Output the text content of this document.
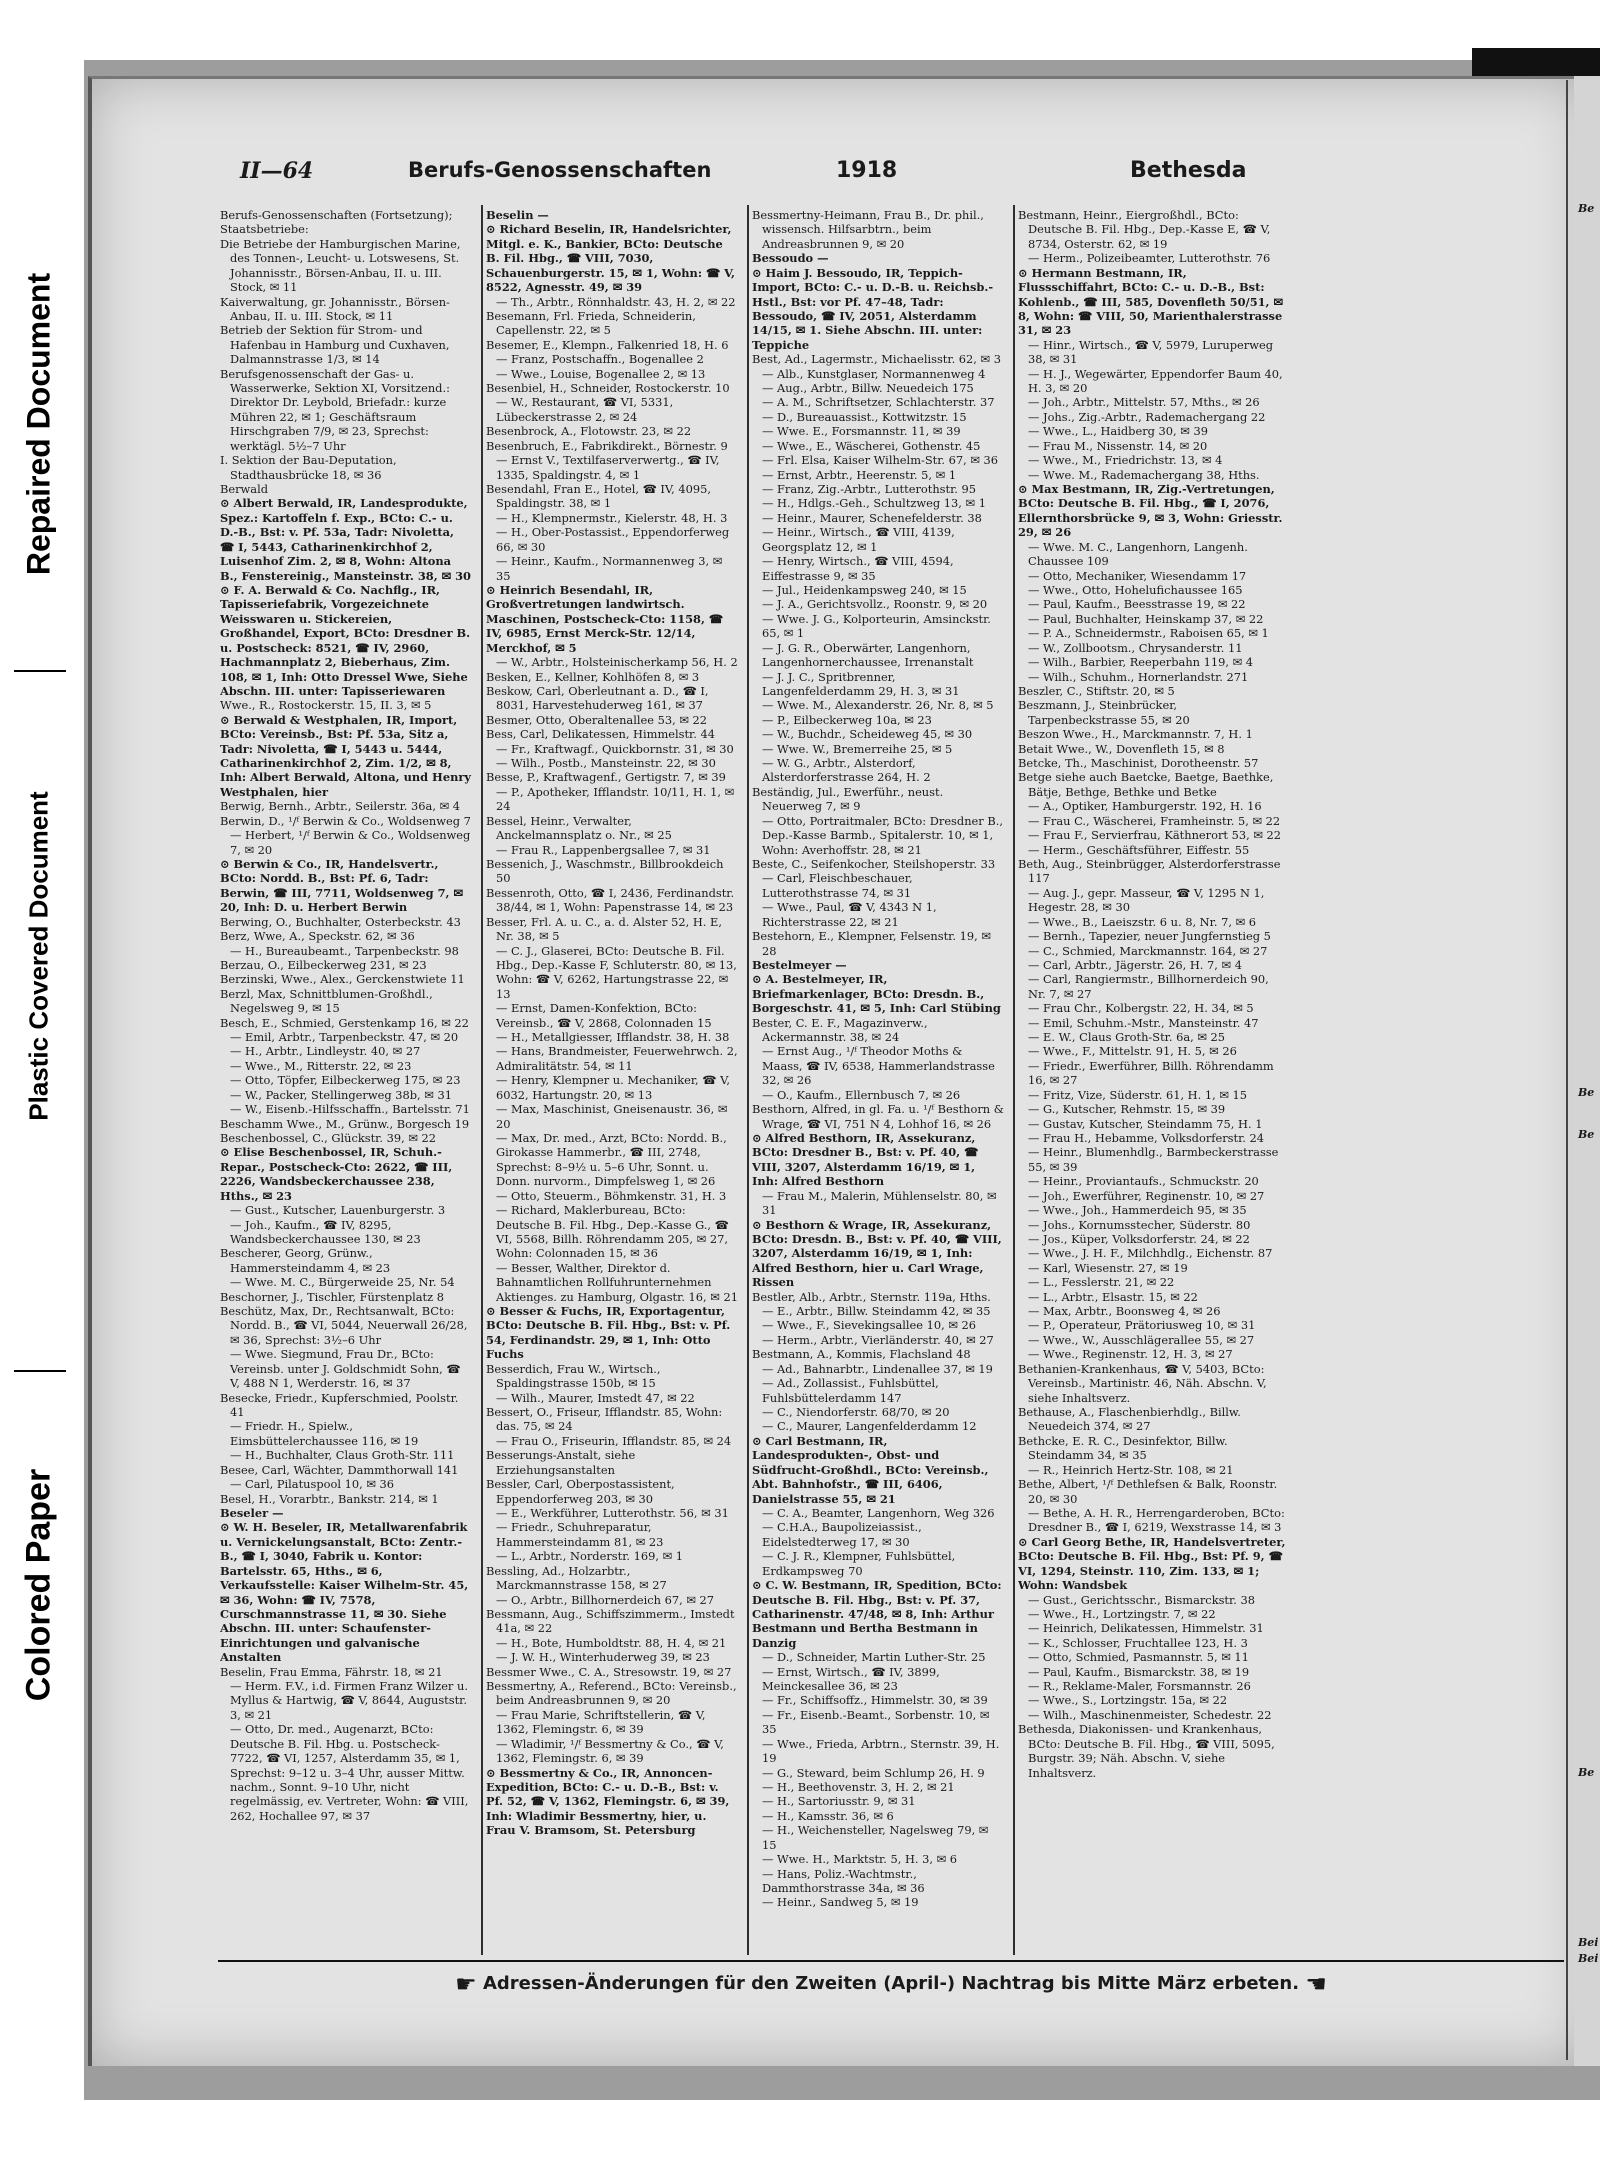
Colored Paper
Plastic Covered Document
Repaired Document
Be
Be
Be
Be
Bei
Bei
II—64	Berufs-Genossenschaften	1918	Bethesda

Berufs-Genossenschaften (Fortsetzung);

Staatsbetriebe:

Die Betriebe der Hamburgischen Marine, des Tonnen-, Leucht- u. Lotswesens, St. Johannisstr., Börsen-Anbau, II. u. III. Stock, ✉ 11

Kaiverwaltung, gr. Johannisstr., Börsen-Anbau, II. u. III. Stock, ✉ 11

Betrieb der Sektion für Strom- und Hafenbau in Hamburg und Cuxhaven, Dalmannstrasse 1/3, ✉ 14

Berufsgenossenschaft der Gas- u. Wasserwerke, Sektion XI, Vorsitzend.: Direktor Dr. Leybold, Briefadr.: kurze Mühren 22, ✉ 1; Geschäftsraum Hirschgraben 7/9, ✉ 23, Sprechst: werktägl. 5½–7 Uhr

I. Sektion der Bau-Deputation, Stadthausbrücke 18, ✉ 36

Berwald

⊙ Albert Berwald, IR, Landesprodukte, Spez.: Kartoffeln f. Exp., BCto: C.- u. D.-B., Bst: v. Pf. 53a, Tadr: Nivoletta, ☎ I, 5443, Catharinenkirchhof 2, Luisenhof Zim. 2, ✉ 8, Wohn: Altona B., Fenstereinig., Mansteinstr. 38, ✉ 30

⊙ F. A. Berwald & Co. Nachflg., IR, Tapisseriefabrik, Vorgezeichnete Weisswaren u. Stickereien, Großhandel, Export, BCto: Dresdner B. u. Postscheck: 8521, ☎ IV, 2960, Hachmannplatz 2, Bieberhaus, Zim. 108, ✉ 1, Inh: Otto Dressel Wwe, Siehe Abschn. III. unter: Tapisseriewaren

Wwe., R., Rostockerstr. 15, II. 3, ✉ 5

⊙ Berwald & Westphalen, IR, Import, BCto: Vereinsb., Bst: Pf. 53a, Sitz a, Tadr: Nivoletta, ☎ I, 5443 u. 5444, Catharinenkirchhof 2, Zim. 1/2, ✉ 8, Inh: Albert Berwald, Altona, und Henry Westphalen, hier

Berwig, Bernh., Arbtr., Seilerstr. 36a, ✉ 4

Berwin, D., ¹/ᶠ Berwin & Co., Woldsenweg 7

— Herbert, ¹/ᶠ Berwin & Co., Woldsenweg 7, ✉ 20

⊙ Berwin & Co., IR, Handelsvertr., BCto: Nordd. B., Bst: Pf. 6, Tadr: Berwin, ☎ III, 7711, Woldsenweg 7, ✉ 20, Inh: D. u. Herbert Berwin

Berwing, O., Buchhalter, Osterbeckstr. 43

Berz, Wwe, A., Speckstr. 62, ✉ 36

— H., Bureaubeamt., Tarpenbeckstr. 98

Berzau, O., Eilbeckerweg 231, ✉ 23

Berzinski, Wwe., Alex., Gerckenstwiete 11

Berzl, Max, Schnittblumen-Großhdl., Negelsweg 9, ✉ 15

Besch, E., Schmied, Gerstenkamp 16, ✉ 22

— Emil, Arbtr., Tarpenbeckstr. 47, ✉ 20

— H., Arbtr., Lindleystr. 40, ✉ 27

— Wwe., M., Ritterstr. 22, ✉ 23

— Otto, Töpfer, Eilbeckerweg 175, ✉ 23

— W., Packer, Stellingerweg 38b, ✉ 31

— W., Eisenb.-Hilfsschaffn., Bartelsstr. 71

Beschamm Wwe., M., Grünw., Borgesch 19

Beschenbossel, C., Glückstr. 39, ✉ 22

⊙ Elise Beschenbossel, IR, Schuh.-Repar., Postscheck-Cto: 2622, ☎ III, 2226, Wandsbeckerchaussee 238, Hths., ✉ 23

— Gust., Kutscher, Lauenburgerstr. 3

— Joh., Kaufm., ☎ IV, 8295, Wandsbeckerchaussee 130, ✉ 23

Bescherer, Georg, Grünw., Hammersteindamm 4, ✉ 23

— Wwe. M. C., Bürgerweide 25, Nr. 54

Beschorner, J., Tischler, Fürstenplatz 8

Beschütz, Max, Dr., Rechtsanwalt, BCto: Nordd. B., ☎ VI, 5044, Neuerwall 26/28, ✉ 36, Sprechst: 3½–6 Uhr

— Wwe. Siegmund, Frau Dr., BCto: Vereinsb. unter J. Goldschmidt Sohn, ☎ V, 488 N 1, Werderstr. 16, ✉ 37

Besecke, Friedr., Kupferschmied, Poolstr. 41

— Friedr. H., Spielw., Eimsbüttelerchaussee 116, ✉ 19

— H., Buchhalter, Claus Groth-Str. 111

Besee, Carl, Wächter, Dammthorwall 141

— Carl, Pilatuspool 10, ✉ 36

Besel, H., Vorarbtr., Bankstr. 214, ✉ 1

Beseler —

⊙ W. H. Beseler, IR, Metallwarenfabrik u. Vernickelungsanstalt, BCto: Zentr.-B., ☎ I, 3040, Fabrik u. Kontor: Bartelsstr. 65, Hths., ✉ 6, Verkaufsstelle: Kaiser Wilhelm-Str. 45, ✉ 36, Wohn: ☎ IV, 7578, Curschmannstrasse 11, ✉ 30. Siehe Abschn. III. unter: Schaufenster-Einrichtungen und galvanische Anstalten

Beselin, Frau Emma, Fährstr. 18, ✉ 21

— Herm. F.V., i.d. Firmen Franz Wilzer u. Myllus & Hartwig, ☎ V, 8644, Auguststr. 3, ✉ 21

— Otto, Dr. med., Augenarzt, BCto: Deutsche B. Fil. Hbg. u. Postscheck-7722, ☎ VI, 1257, Alsterdamm 35, ✉ 1, Sprechst: 9–12 u. 3–4 Uhr, ausser Mittw. nachm., Sonnt. 9–10 Uhr, nicht regelmässig, ev. Vertreter, Wohn: ☎ VIII, 262, Hochallee 97, ✉ 37

Beselin —

⊙ Richard Beselin, IR, Handelsrichter, Mitgl. e. K., Bankier, BCto: Deutsche B. Fil. Hbg., ☎ VIII, 7030, Schauenburgerstr. 15, ✉ 1, Wohn: ☎ V, 8522, Agnesstr. 49, ✉ 39

— Th., Arbtr., Rönnhaldstr. 43, H. 2, ✉ 22

Besemann, Frl. Frieda, Schneiderin, Capellenstr. 22, ✉ 5

Besemer, E., Klempn., Falkenried 18, H. 6

— Franz, Postschaffn., Bogenallee 2

— Wwe., Louise, Bogenallee 2, ✉ 13

Besenbiel, H., Schneider, Rostockerstr. 10

— W., Restaurant, ☎ VI, 5331, Lübeckerstrasse 2, ✉ 24

Besenbrock, A., Flotowstr. 23, ✉ 22

Besenbruch, E., Fabrikdirekt., Börnestr. 9

— Ernst V., Textilfaserverwertg., ☎ IV, 1335, Spaldingstr. 4, ✉ 1

Besendahl, Fran E., Hotel, ☎ IV, 4095, Spaldingstr. 38, ✉ 1

— H., Klempnermstr., Kielerstr. 48, H. 3

— H., Ober-Postassist., Eppendorferweg 66, ✉ 30

— Heinr., Kaufm., Normannenweg 3, ✉ 35

⊙ Heinrich Besendahl, IR, Großvertretungen landwirtsch. Maschinen, Postscheck-Cto: 1158, ☎ IV, 6985, Ernst Merck-Str. 12/14, Merckhof, ✉ 5

— W., Arbtr., Holsteinischerkamp 56, H. 2

Besken, E., Kellner, Kohlhöfen 8, ✉ 3

Beskow, Carl, Oberleutnant a. D., ☎ I, 8031, Harvestehuderweg 161, ✉ 37

Besmer, Otto, Oberaltenallee 53, ✉ 22

Bess, Carl, Delikatessen, Himmelstr. 44

— Fr., Kraftwagf., Quickbornstr. 31, ✉ 30

— Wilh., Postb., Mansteinstr. 22, ✉ 30

Besse, P., Kraftwagenf., Gertigstr. 7, ✉ 39

— P., Apotheker, Ifflandstr. 10/11, H. 1, ✉ 24

Bessel, Heinr., Verwalter, Anckelmannsplatz o. Nr., ✉ 25

— Frau R., Lappenbergsallee 7, ✉ 31

Bessenich, J., Waschmstr., Billbrookdeich 50

Bessenroth, Otto, ☎ I, 2436, Ferdinandstr. 38/44, ✉ 1, Wohn: Papenstrasse 14, ✉ 23

Besser, Frl. A. u. C., a. d. Alster 52, H. E, Nr. 38, ✉ 5

— C. J., Glaserei, BCto: Deutsche B. Fil. Hbg., Dep.-Kasse F, Schluterstr. 80, ✉ 13, Wohn: ☎ V, 6262, Hartungstrasse 22, ✉ 13

— Ernst, Damen-Konfektion, BCto: Vereinsb., ☎ V, 2868, Colonnaden 15

— H., Metallgiesser, Ifflandstr. 38, H. 38

— Hans, Brandmeister, Feuerwehrwch. 2, Admiralitätstr. 54, ✉ 11

— Henry, Klempner u. Mechaniker, ☎ V, 6032, Hartungstr. 20, ✉ 13

— Max, Maschinist, Gneisenaustr. 36, ✉ 20

— Max, Dr. med., Arzt, BCto: Nordd. B., Girokasse Hammerbr., ☎ III, 2748, Sprechst: 8–9½ u. 5–6 Uhr, Sonnt. u. Donn. nurvorm., Dimpfelsweg 1, ✉ 26

— Otto, Steuerm., Böhmkenstr. 31, H. 3

— Richard, Maklerbureau, BCto: Deutsche B. Fil. Hbg., Dep.-Kasse G., ☎ VI, 5568, Billh. Röhrendamm 205, ✉ 27, Wohn: Colonnaden 15, ✉ 36

— Besser, Walther, Direktor d. Bahnamtlichen Rollfuhrunternehmen Aktienges. zu Hamburg, Olgastr. 16, ✉ 21

⊙ Besser & Fuchs, IR, Exportagentur, BCto: Deutsche B. Fil. Hbg., Bst: v. Pf. 54, Ferdinandstr. 29, ✉ 1, Inh: Otto Fuchs

Besserdich, Frau W., Wirtsch., Spaldingstrasse 150b, ✉ 15

— Wilh., Maurer, Imstedt 47, ✉ 22

Bessert, O., Friseur, Ifflandstr. 85, Wohn: das. 75, ✉ 24

— Frau O., Friseurin, Ifflandstr. 85, ✉ 24

Besserungs-Anstalt, siehe Erziehungsanstalten

Bessler, Carl, Oberpostassistent, Eppendorferweg 203, ✉ 30

— E., Werkführer, Lutterothstr. 56, ✉ 31

— Friedr., Schuhreparatur, Hammersteindamm 81, ✉ 23

— L., Arbtr., Norderstr. 169, ✉ 1

Bessling, Ad., Holzarbtr., Marckmannstrasse 158, ✉ 27

— O., Arbtr., Billhornerdeich 67, ✉ 27

Bessmann, Aug., Schiffszimmerm., Imstedt 41a, ✉ 22

— H., Bote, Humboldtstr. 88, H. 4, ✉ 21

— J. W. H., Winterhuderweg 39, ✉ 23

Bessmer Wwe., C. A., Stresowstr. 19, ✉ 27

Bessmertny, A., Referend., BCto: Vereinsb., beim Andreasbrunnen 9, ✉ 20

— Frau Marie, Schriftstellerin, ☎ V, 1362, Flemingstr. 6, ✉ 39

— Wladimir, ¹/ᶠ Bessmertny & Co., ☎ V, 1362, Flemingstr. 6, ✉ 39

⊙ Bessmertny & Co., IR, Annoncen-Expedition, BCto: C.- u. D.-B., Bst: v. Pf. 52, ☎ V, 1362, Flemingstr. 6, ✉ 39, Inh: Wladimir Bessmertny, hier, u. Frau V. Bramsom, St. Petersburg

Bessmertny-Heimann, Frau B., Dr. phil., wissensch. Hilfsarbtrn., beim Andreasbrunnen 9, ✉ 20

Bessoudo —

⊙ Haim J. Bessoudo, IR, Teppich-Import, BCto: C.- u. D.-B. u. Reichsb.-Hstl., Bst: vor Pf. 47–48, Tadr: Bessoudo, ☎ IV, 2051, Alsterdamm 14/15, ✉ 1. Siehe Abschn. III. unter: Teppiche

Best, Ad., Lagermstr., Michaelisstr. 62, ✉ 3

— Alb., Kunstglaser, Normannenweg 4

— Aug., Arbtr., Billw. Neuedeich 175

— A. M., Schriftsetzer, Schlachterstr. 37

— D., Bureauassist., Kottwitzstr. 15

— Wwe. E., Forsmannstr. 11, ✉ 39

— Wwe., E., Wäscherei, Gothenstr. 45

— Frl. Elsa, Kaiser Wilhelm-Str. 67, ✉ 36

— Ernst, Arbtr., Heerenstr. 5, ✉ 1

— Franz, Zig.-Arbtr., Lutterothstr. 95

— H., Hdlgs.-Geh., Schultzweg 13, ✉ 1

— Heinr., Maurer, Schenefelderstr. 38

— Heinr., Wirtsch., ☎ VIII, 4139, Georgsplatz 12, ✉ 1

— Henry, Wirtsch., ☎ VIII, 4594, Eiffestrasse 9, ✉ 35

— Jul., Heidenkampsweg 240, ✉ 15

— J. A., Gerichtsvollz., Roonstr. 9, ✉ 20

— Wwe. J. G., Kolporteurin, Amsinckstr. 65, ✉ 1

— J. G. R., Oberwärter, Langenhorn, Langenhornerchaussee, Irrenanstalt

— J. J. C., Spritbrenner, Langenfelderdamm 29, H. 3, ✉ 31

— Wwe. M., Alexanderstr. 26, Nr. 8, ✉ 5

— P., Eilbeckerweg 10a, ✉ 23

— W., Buchdr., Scheideweg 45, ✉ 30

— Wwe. W., Bremerreihe 25, ✉ 5

— W. G., Arbtr., Alsterdorf, Alsterdorferstrasse 264, H. 2

Beständig, Jul., Ewerführ., neust. Neuerweg 7, ✉ 9

— Otto, Portraitmaler, BCto: Dresdner B., Dep.-Kasse Barmb., Spitalerstr. 10, ✉ 1, Wohn: Averhoffstr. 28, ✉ 21

Beste, C., Seifenkocher, Steilshoperstr. 33

— Carl, Fleischbeschauer, Lutterothstrasse 74, ✉ 31

— Wwe., Paul, ☎ V, 4343 N 1, Richterstrasse 22, ✉ 21

Bestehorn, E., Klempner, Felsenstr. 19, ✉ 28

Bestelmeyer —

⊙ A. Bestelmeyer, IR, Briefmarkenlager, BCto: Dresdn. B., Borgeschstr. 41, ✉ 5, Inh: Carl Stübing

Bester, C. E. F., Magazinverw., Ackermannstr. 38, ✉ 24

— Ernst Aug., ¹/ᶠ Theodor Moths & Maass, ☎ IV, 6538, Hammerlandstrasse 32, ✉ 26

— O., Kaufm., Ellernbusch 7, ✉ 26

Besthorn, Alfred, in gl. Fa. u. ¹/ᶠ Besthorn & Wrage, ☎ VI, 751 N 4, Lohhof 16, ✉ 26

⊙ Alfred Besthorn, IR, Assekuranz, BCto: Dresdner B., Bst: v. Pf. 40, ☎ VIII, 3207, Alsterdamm 16/19, ✉ 1, Inh: Alfred Besthorn

— Frau M., Malerin, Mühlenselstr. 80, ✉ 31

⊙ Besthorn & Wrage, IR, Assekuranz, BCto: Dresdn. B., Bst: v. Pf. 40, ☎ VIII, 3207, Alsterdamm 16/19, ✉ 1, Inh: Alfred Besthorn, hier u. Carl Wrage, Rissen

Bestler, Alb., Arbtr., Sternstr. 119a, Hths.

— E., Arbtr., Billw. Steindamm 42, ✉ 35

— Wwe., F., Sievekingsallee 10, ✉ 26

— Herm., Arbtr., Vierländerstr. 40, ✉ 27

Bestmann, A., Kommis, Flachsland 48

— Ad., Bahnarbtr., Lindenallee 37, ✉ 19

— Ad., Zollassist., Fuhlsbüttel, Fuhlsbüttelerdamm 147

— C., Niendorferstr. 68/70, ✉ 20

— C., Maurer, Langenfelderdamm 12

⊙ Carl Bestmann, IR, Landesprodukten-, Obst- und Südfrucht-Großhdl., BCto: Vereinsb., Abt. Bahnhofstr., ☎ III, 6406, Danielstrasse 55, ✉ 21

— C. A., Beamter, Langenhorn, Weg 326

— C.H.A., Baupolizeiassist., Eidelstedterweg 17, ✉ 30

— C. J. R., Klempner, Fuhlsbüttel, Erdkampsweg 70

⊙ C. W. Bestmann, IR, Spedition, BCto: Deutsche B. Fil. Hbg., Bst: v. Pf. 37, Catharinenstr. 47/48, ✉ 8, Inh: Arthur Bestmann und Bertha Bestmann in Danzig

— D., Schneider, Martin Luther-Str. 25

— Ernst, Wirtsch., ☎ IV, 3899, Meinckesallee 36, ✉ 23

— Fr., Schiffsoffz., Himmelstr. 30, ✉ 39

— Fr., Eisenb.-Beamt., Sorbenstr. 10, ✉ 35

— Wwe., Frieda, Arbtrn., Sternstr. 39, H. 19

— G., Steward, beim Schlump 26, H. 9

— H., Beethovenstr. 3, H. 2, ✉ 21

— H., Sartoriusstr. 9, ✉ 31

— H., Kamsstr. 36, ✉ 6

— H., Weichensteller, Nagelsweg 79, ✉ 15

— Wwe. H., Marktstr. 5, H. 3, ✉ 6

— Hans, Poliz.-Wachtmstr., Dammthorstrasse 34a, ✉ 36

— Heinr., Sandweg 5, ✉ 19

Bestmann, Heinr., Eiergroßhdl., BCto: Deutsche B. Fil. Hbg., Dep.-Kasse E, ☎ V, 8734, Osterstr. 62, ✉ 19

— Herm., Polizeibeamter, Lutterothstr. 76

⊙ Hermann Bestmann, IR, Flussschiffahrt, BCto: C.- u. D.-B., Bst: Kohlenb., ☎ III, 585, Dovenfleth 50/51, ✉ 8, Wohn: ☎ VIII, 50, Marienthalerstrasse 31, ✉ 23

— Hinr., Wirtsch., ☎ V, 5979, Luruperweg 38, ✉ 31

— H. J., Wegewärter, Eppendorfer Baum 40, H. 3, ✉ 20

— Joh., Arbtr., Mittelstr. 57, Mths., ✉ 26

— Johs., Zig.-Arbtr., Rademachergang 22

— Wwe., L., Haidberg 30, ✉ 39

— Frau M., Nissenstr. 14, ✉ 20

— Wwe., M., Friedrichstr. 13, ✉ 4

— Wwe. M., Rademachergang 38, Hths.

⊙ Max Bestmann, IR, Zig.-Vertretungen, BCto: Deutsche B. Fil. Hbg., ☎ I, 2076, Ellernthorsbrücke 9, ✉ 3, Wohn: Griesstr. 29, ✉ 26

— Wwe. M. C., Langenhorn, Langenh. Chaussee 109

— Otto, Mechaniker, Wiesendamm 17

— Wwe., Otto, Hohelufichaussee 165

— Paul, Kaufm., Beesstrasse 19, ✉ 22

— Paul, Buchhalter, Heinskamp 37, ✉ 22

— P. A., Schneidermstr., Raboisen 65, ✉ 1

— W., Zollbootsm., Chrysanderstr. 11

— Wilh., Barbier, Reeperbahn 119, ✉ 4

— Wilh., Schuhm., Hornerlandstr. 271

Beszler, C., Stiftstr. 20, ✉ 5

Beszmann, J., Steinbrücker, Tarpenbeckstrasse 55, ✉ 20

Beszon Wwe., H., Marckmannstr. 7, H. 1

Betait Wwe., W., Dovenfleth 15, ✉ 8

Betcke, Th., Maschinist, Dorotheenstr. 57

Betge siehe auch Baetcke, Baetge, Baethke, Bätje, Bethge, Bethke und Betke

— A., Optiker, Hamburgerstr. 192, H. 16

— Frau C., Wäscherei, Framheinstr. 5, ✉ 22

— Frau F., Servierfrau, Käthnerort 53, ✉ 22

— Herm., Geschäftsführer, Eiffestr. 55

Beth, Aug., Steinbrügger, Alsterdorferstrasse 117

— Aug. J., gepr. Masseur, ☎ V, 1295 N 1, Hegestr. 28, ✉ 30

— Wwe., B., Laeiszstr. 6 u. 8, Nr. 7, ✉ 6

— Bernh., Tapezier, neuer Jungfernstieg 5

— C., Schmied, Marckmannstr. 164, ✉ 27

— Carl, Arbtr., Jägerstr. 26, H. 7, ✉ 4

— Carl, Rangiermstr., Billhornerdeich 90, Nr. 7, ✉ 27

— Frau Chr., Kolbergstr. 22, H. 34, ✉ 5

— Emil, Schuhm.-Mstr., Mansteinstr. 47

— E. W., Claus Groth-Str. 6a, ✉ 25

— Wwe., F., Mittelstr. 91, H. 5, ✉ 26

— Friedr., Ewerführer, Billh. Röhrendamm 16, ✉ 27

— Fritz, Vize, Süderstr. 61, H. 1, ✉ 15

— G., Kutscher, Rehmstr. 15, ✉ 39

— Gustav, Kutscher, Steindamm 75, H. 1

— Frau H., Hebamme, Volksdorferstr. 24

— Heinr., Blumenhdlg., Barmbeckerstrasse 55, ✉ 39

— Heinr., Proviantaufs., Schmuckstr. 20

— Joh., Ewerführer, Reginenstr. 10, ✉ 27

— Wwe., Joh., Hammerdeich 95, ✉ 35

— Johs., Kornumsstecher, Süderstr. 80

— Jos., Küper, Volksdorferstr. 24, ✉ 22

— Wwe., J. H. F., Milchhdlg., Eichenstr. 87

— Karl, Wiesenstr. 27, ✉ 19

— L., Fesslerstr. 21, ✉ 22

— L., Arbtr., Elsastr. 15, ✉ 22

— Max, Arbtr., Boonsweg 4, ✉ 26

— P., Operateur, Prätoriusweg 10, ✉ 31

— Wwe., W., Ausschlägerallee 55, ✉ 27

— Wwe., Reginenstr. 12, H. 3, ✉ 27

Bethanien-Krankenhaus, ☎ V, 5403, BCto: Vereinsb., Martinistr. 46, Näh. Abschn. V, siehe Inhaltsverz.

Bethause, A., Flaschenbierhdlg., Billw. Neuedeich 374, ✉ 27

Bethcke, E. R. C., Desinfektor, Billw. Steindamm 34, ✉ 35

— R., Heinrich Hertz-Str. 108, ✉ 21

Bethe, Albert, ¹/ᶠ Dethlefsen & Balk, Roonstr. 20, ✉ 30

— Bethe, A. H. R., Herrengarderoben, BCto: Dresdner B., ☎ I, 6219, Wexstrasse 14, ✉ 3

⊙ Carl Georg Bethe, IR, Handelsvertreter, BCto: Deutsche B. Fil. Hbg., Bst: Pf. 9, ☎ VI, 1294, Steinstr. 110, Zim. 133, ✉ 1; Wohn: Wandsbek

— Gust., Gerichtsschr., Bismarckstr. 38

— Wwe., H., Lortzingstr. 7, ✉ 22

— Heinrich, Delikatessen, Himmelstr. 31

— K., Schlosser, Fruchtallee 123, H. 3

— Otto, Schmied, Pasmannstr. 5, ✉ 11

— Paul, Kaufm., Bismarckstr. 38, ✉ 19

— R., Reklame-Maler, Forsmannstr. 26

— Wwe., S., Lortzingstr. 15a, ✉ 22

— Wilh., Maschinenmeister, Schedestr. 22

Bethesda, Diakonissen- und Krankenhaus, BCto: Deutsche B. Fil. Hbg., ☎ VIII, 5095, Burgstr. 39; Näh. Abschn. V, siehe Inhaltsverz.

☛ Adressen-Änderungen für den Zweiten (April-) Nachtrag bis Mitte März erbeten. ☚
